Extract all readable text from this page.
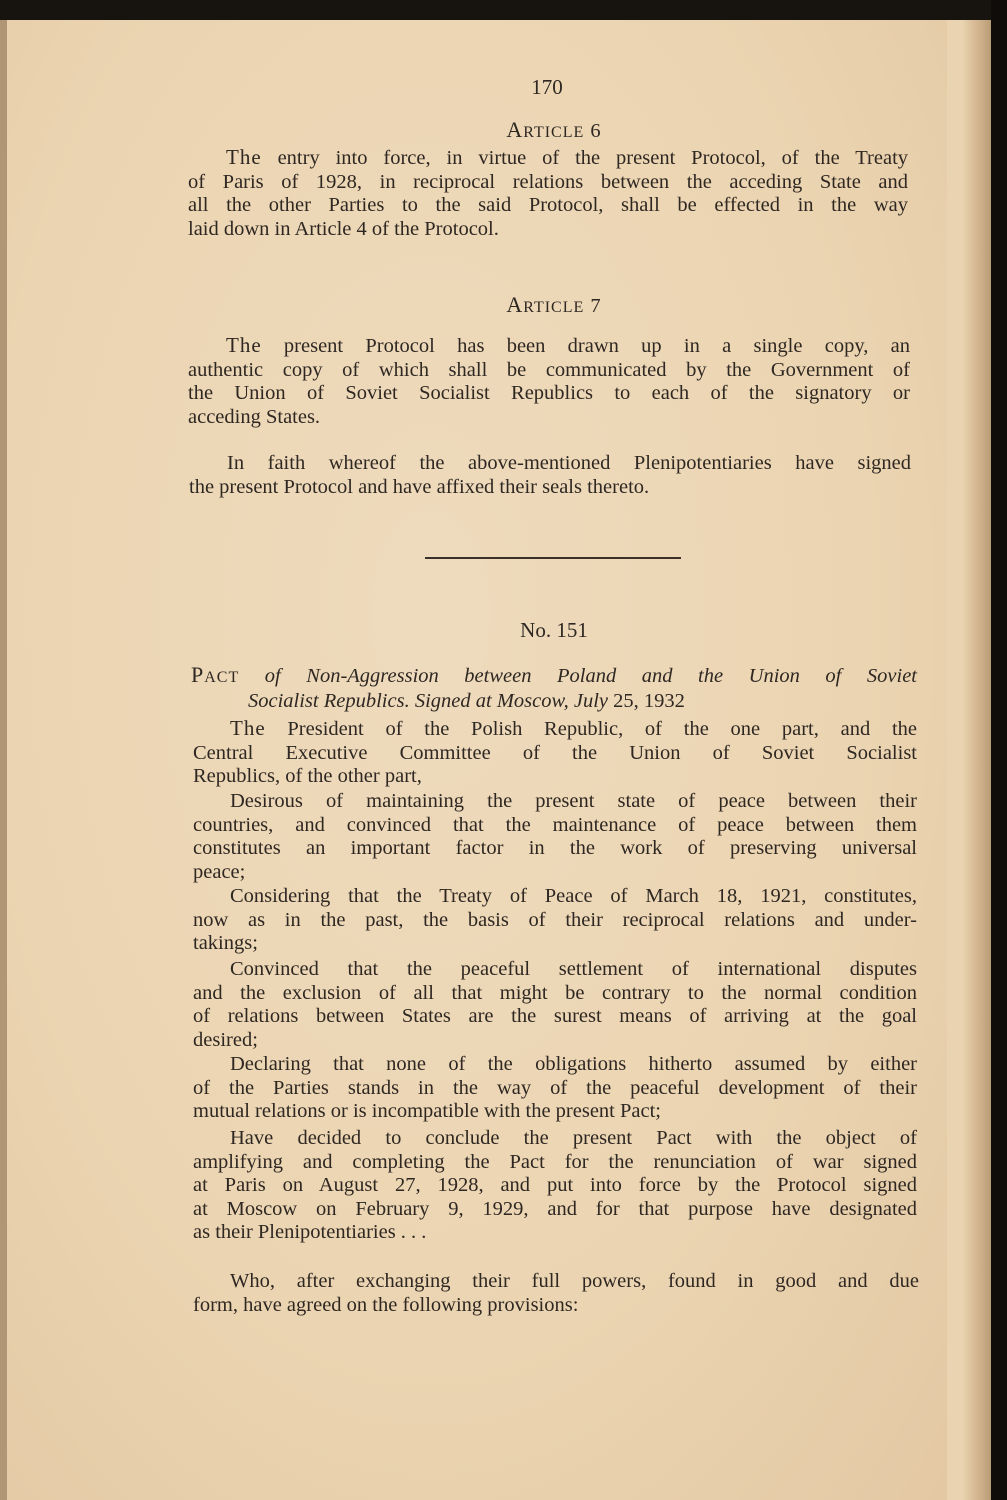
170

ARTICLE 6

The entry into force, in virtue of the present Protocol, of the Treaty
of Paris of 1928, in reciprocal relations between the acceding State and
all the other Parties to the said Protocol, shall be effected in the way
laid down in Article 4 of the Protocol.

ARTICLE 7

The present Protocol has been drawn up in a single copy, an
authentic copy of which shall be communicated by the Government of
the Union of Soviet Socialist Republics to each of the signatory or
acceding States.
In faith whereof the above-mentioned Plenipotentiaries have signed
the present Protocol and have affixed their seals thereto.

No. 151

PACT of Non-Aggression between Poland and the Union of Soviet
Socialist Republics. Signed at Moscow, July 25, 1932
The President of the Polish Republic, of the one part, and the
Central Executive Committee of the Union of Soviet Socialist
Republics, of the other part,
Desirous of maintaining the present state of peace between their
countries, and convinced that the maintenance of peace between them
constitutes an important factor in the work of preserving universal
peace;
Considering that the Treaty of Peace of March 18, 1921, constitutes,
now as in the past, the basis of their reciprocal relations and under-
takings;
Convinced that the peaceful settlement of international disputes
and the exclusion of all that might be contrary to the normal condition
of relations between States are the surest means of arriving at the goal
desired;
Declaring that none of the obligations hitherto assumed by either
of the Parties stands in the way of the peaceful development of their
mutual relations or is incompatible with the present Pact;
Have decided to conclude the present Pact with the object of
amplifying and completing the Pact for the renunciation of war signed
at Paris on August 27, 1928, and put into force by the Protocol signed
at Moscow on February 9, 1929, and for that purpose have designated
as their Plenipotentiaries . . .
Who, after exchanging their full powers, found in good and due
form, have agreed on the following provisions:
